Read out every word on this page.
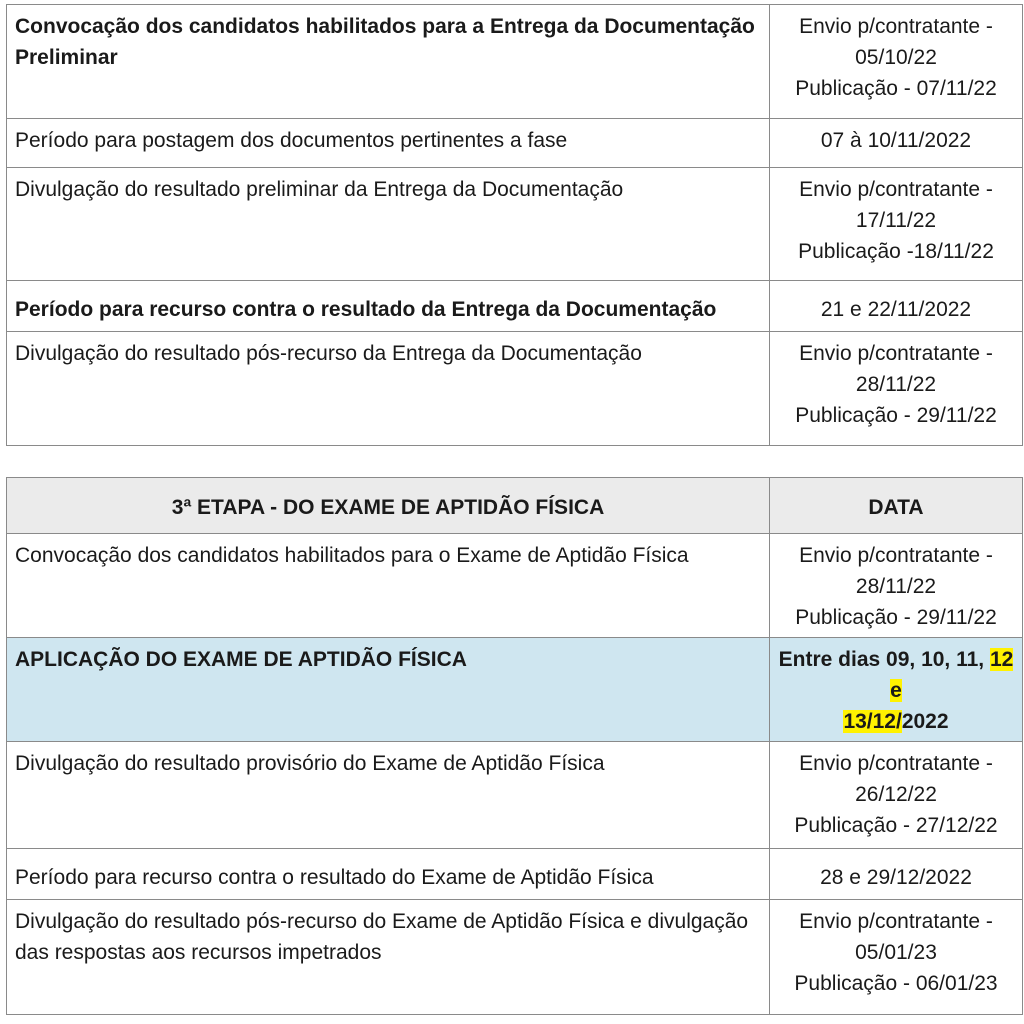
Convocação dos candidatos habilitados para a Entrega da Documentação Preliminar	Envio p/contratante - 05/10/22
Publicação - 07/11/22

Período para postagem dos documentos pertinentes a fase	07 à 10/11/2022
Divulgação do resultado preliminar da Entrega da Documentação	Envio p/contratante - 17/11/22
Publicação -18/11/22

Período para recurso contra o resultado da Entrega da Documentação	21 e 22/11/2022
Divulgação do resultado pós-recurso da Entrega da Documentação	Envio p/contratante - 28/11/22
Publicação - 29/11/22
3ª ETAPA - DO EXAME DE APTIDÃO FÍSICA	DATA
Convocação dos candidatos habilitados para o Exame de Aptidão Física	Envio p/contratante - 28/11/22
Publicação - 29/11/22

APLICAÇÃO DO EXAME DE APTIDÃO FÍSICA	Entre dias 09, 10, 11, 12 e
13/12/2022
Divulgação do resultado provisório do Exame de Aptidão Física	Envio p/contratante - 26/12/22
Publicação - 27/12/22

Período para recurso contra o resultado do Exame de Aptidão Física	28 e 29/12/2022
Divulgação do resultado pós-recurso do Exame de Aptidão Física e divulgação das respostas aos recursos impetrados	Envio p/contratante - 05/01/23
Publicação - 06/01/23
